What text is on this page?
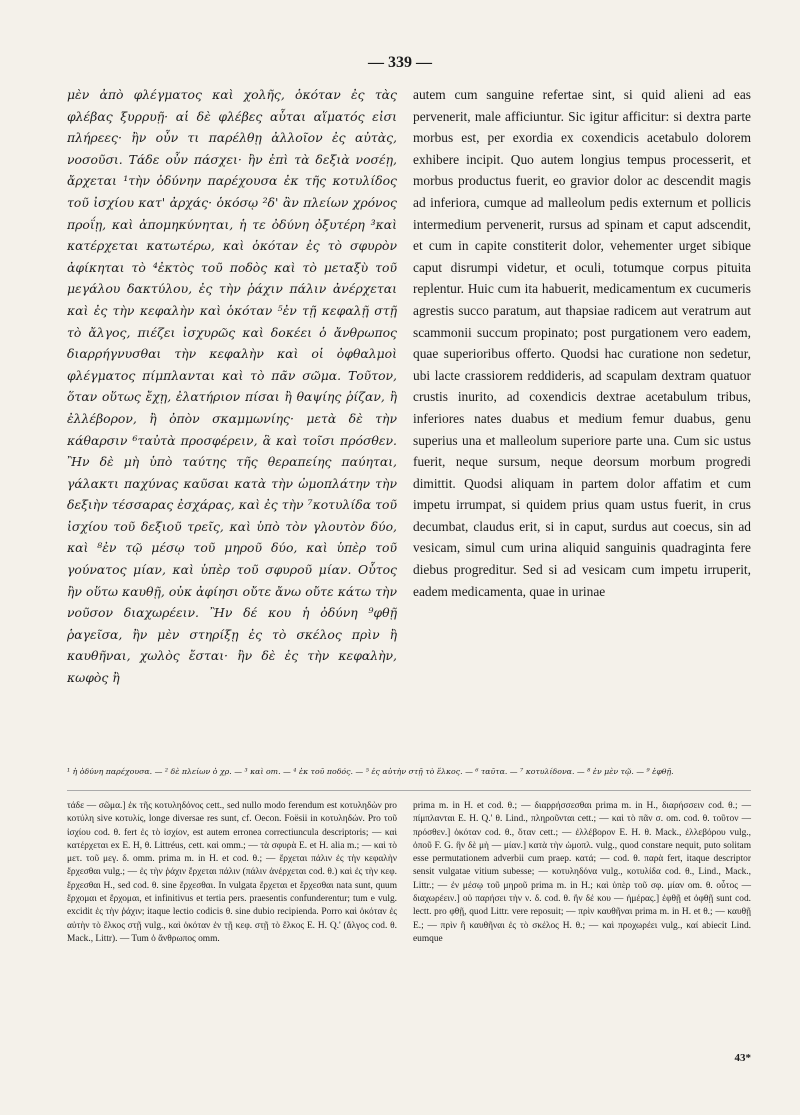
— 339 —

μὲν ἀπὸ φλέγματος καὶ χολῆς, ὁκόταν ἐς τὰς φλέβας ξυρρυῇ· αἱ δὲ φλέβες αὗται αἵματός εἰσι πλήρεες· ἢν οὖν τι παρέλθῃ ἀλλοῖον ἐς αὐτὰς, νοσοῦσι. Τάδε οὖν πάσχει· ἢν ἐπὶ τὰ δεξιὰ νοσέῃ, ἄρχεται ¹τὴν ὀδύνην παρέχουσα ἐκ τῆς κοτυλίδος τοῦ ἰσχίου κατ' ἀρχάς· ὁκόσῳ ²δ' ἂν πλείων χρόνος προΐῃ, καὶ ἀπομηκύνηται, ἡ τε ὀδύνη ὀξυτέρη ³καὶ κατέρχεται κατωτέρω, καὶ ὁκόταν ἐς τὸ σφυρὸν ἀφίκηται τὸ ⁴ἐκτὸς τοῦ ποδὸς καὶ τὸ μεταξὺ τοῦ μεγάλου δακτύλου, ἐς τὴν ῥάχιν πάλιν ἀνέρχεται καὶ ἐς τὴν κεφαλὴν καὶ ὁκόταν ⁵ἐν τῇ κεφαλῇ στῇ τὸ ἄλγος, πιέζει ἰσχυρῶς καὶ δοκέει ὁ ἄνθρωπος διαρρήγνυσθαι τὴν κεφαλὴν καὶ οἱ ὀφθαλμοὶ φλέγματος πίμπλανται καὶ τὸ πᾶν σῶμα. Τοῦτον, ὅταν οὕτως ἔχῃ, ἐλατήριον πίσαι ἢ θαψίης ῥίζαν, ἢ ἐλλέβορον, ἢ ὀπὸν σκαμμωνίης· μετὰ δὲ τὴν κάθαρσιν ⁶ταὐτὰ προσφέρειν, ἃ καὶ τοῖσι πρόσθεν. Ἢν δὲ μὴ ὑπὸ ταύτης τῆς θεραπείης παύηται, γάλακτι παχύνας καῦσαι κατὰ τὴν ὠμοπλάτην τὴν δεξιὴν τέσσαρας ἐσχάρας, καὶ ἐς τὴν ⁷κοτυλίδα τοῦ ἰσχίου τοῦ δεξιοῦ τρεῖς, καὶ ὑπὸ τὸν γλουτὸν δύο, καὶ ⁸ἐν τῷ μέσῳ τοῦ μηροῦ δύο, καὶ ὑπὲρ τοῦ γούνατος μίαν, καὶ ὑπὲρ τοῦ σφυροῦ μίαν. Οὗτος ἢν οὕτω καυθῇ, οὐκ ἀφίησι οὔτε ἄνω οὔτε κάτω τὴν νοῦσον διαχωρέειν. Ἢν δέ κου ἡ ὀδύνη ⁹φθῇ ῥαγεῖσα, ἢν μὲν στηρίξῃ ἐς τὸ σκέλος πρὶν ἢ καυθῆναι, χωλὸς ἔσται· ἢν δὲ ἐς τὴν κεφαλὴν, κωφὸς ἢ

autem cum sanguine refertae sint, si quid alieni ad eas pervenerit, male afficiuntur. Sic igitur afficitur: si dextra parte morbus est, per exordia ex coxendicis acetabulo dolorem exhibere incipit. Quo autem longius tempus processerit, et morbus productus fuerit, eo gravior dolor ac descendit magis ad inferiora, cumque ad malleolum pedis externum et pollicis intermedium pervenerit, rursus ad spinam et caput adscendit, et cum in capite constiterit dolor, vehementer urget sibique caput disrumpi videtur, et oculi, totumque corpus pituita replentur. Huic cum ita habuerit, medicamentum ex cucumeris agrestis succo paratum, aut thapsiae radicem aut veratrum aut scammonii succum propinato; post purgationem vero eadem, quae superioribus offerto. Quodsi hac curatione non sedetur, ubi lacte crassiorem reddideris, ad scapulam dextram quatuor crustis inurito, ad coxendicis dextrae acetabulum tribus, inferiores nates duabus et medium femur duabus, genu superius una et malleolum superiore parte una. Cum sic ustus fuerit, neque sursum, neque deorsum morbum progredi dimittit. Quodsi aliquam in partem dolor affatim et cum impetu irrumpat, si quidem prius quam ustus fuerit, in crus decumbat, claudus erit, si in caput, surdus aut coecus, sin ad vesicam, simul cum urina aliquid sanguinis quadraginta fere diebus progreditur. Sed si ad vesicam cum impetu irruperit, eadem medicamenta, quae in urinae

¹ ἡ ὀδύνη παρέχουσα. — ² δὲ πλείων ὁ χρ. — ³ καὶ om. — ⁴ ἐκ τοῦ ποδός. — ⁵ ἐς αὐτὴν στῇ τὸ ἕλκος. — ⁶ ταῦτα. — ⁷ κοτυλίδονα. — ⁸ ἐν μὲν τῷ. — ⁹ ἐφθῇ.
τάδε — σῶμα.] ἐκ τῆς κοτυληδόνος cett., sed nullo modo ferendum est κοτυληδὼν pro κοτύλη sive κοτυλίς, longe diversae res sunt, cf. Oecon. Foësii in κοτυληδών. Pro τοῦ ἰσχίου cod. θ. fert ἐς τὸ ἰσχίον, est autem erronea correctiuncula descriptoris; — καὶ κατέρχεται ex E. H, θ. Littréus, cett. καὶ omm.; — τὰ σφυρὰ E. et H. alia m.; — καὶ τὸ μετ. τοῦ μεγ. δ. omm. prima m. in H. et cod. θ.; — ἔρχεται πάλιν ἐς τὴν κεφαλὴν ἔρχεσθαι vulg.; — ἐς τὴν ῥάχιν ἔρχεται πάλιν (πάλιν ἀνέρχεται cod. θ.) καὶ ἐς τὴν κεφ. ἔρχεσθαι H., sed cod. θ. sine ἔρχεσθαι. In vulgata ἔρχεται et ἔρχεσθαι nata sunt, quum ἔρχομαι et ἔρχομαι, et infinitivus et tertia pers. praesentis confunderentur; tum e vulg. excidit ἐς τὴν ῥάχιν; itaque lectio codicis θ. sine dubio recipienda. Porro καὶ ὁκόταν ἐς αὐτὴν τὸ ἕλκος στῇ vulg., καὶ ὁκόταν ἐν τῇ κεφ. στῇ τὸ ἕλκος E. H. Q.' (ἄλγος cod. θ. Mack., Littr). — Tum ὁ ἄνθρωπος omm.
prima m. in H. et cod. θ.; — διαρρήσσεσθαι prima m. in H., διαρήσσειν cod. θ.; — πίμπλανται E. H. Q.' θ. Lind., πληροῦνται cett.; — καὶ τὸ πᾶν σ. om. cod. θ. τοῦτον — πρόσθεν.] ὁκόταν cod. θ., ὅταν cett.; — ἐλλέβορον E. H. θ. Mack., ἐλλεβόρου vulg., ὀποῦ F. G. ἢν δὲ μὴ — μίαν.] κατὰ τὴν ὠμοπλ. vulg., quod constare nequit, puto solitam esse permutationem adverbii cum praep. κατά; — cod. θ. παρὰ fert, itaque descriptor sensit vulgatae vitium subesse; — κοτυληδόνα vulg., κοτυλίδα cod. θ., Lind., Mack., Littr.; — ἐν μέσῳ τοῦ μηροῦ prima m. in H.; καὶ ὑπὲρ τοῦ σφ. μίαν om. θ. οὗτος — διαχωρέειν.] οὐ παρήσει τὴν ν. δ. cod. θ. ἢν δέ κου — ἡμέρας.] ἐφθῇ et ὀφθῇ sunt cod. lectt. pro φθῇ, quod Littr. vere reposuit; — πρὶν καυθῆναι prima m. in H. et θ.; — καυθῇ E.; — πρὶν ἢ καυθῆναι ἐς τὸ σκέλος H. θ.; — καὶ προχωρέει vulg., καί abiecit Lind. eumque
43*
